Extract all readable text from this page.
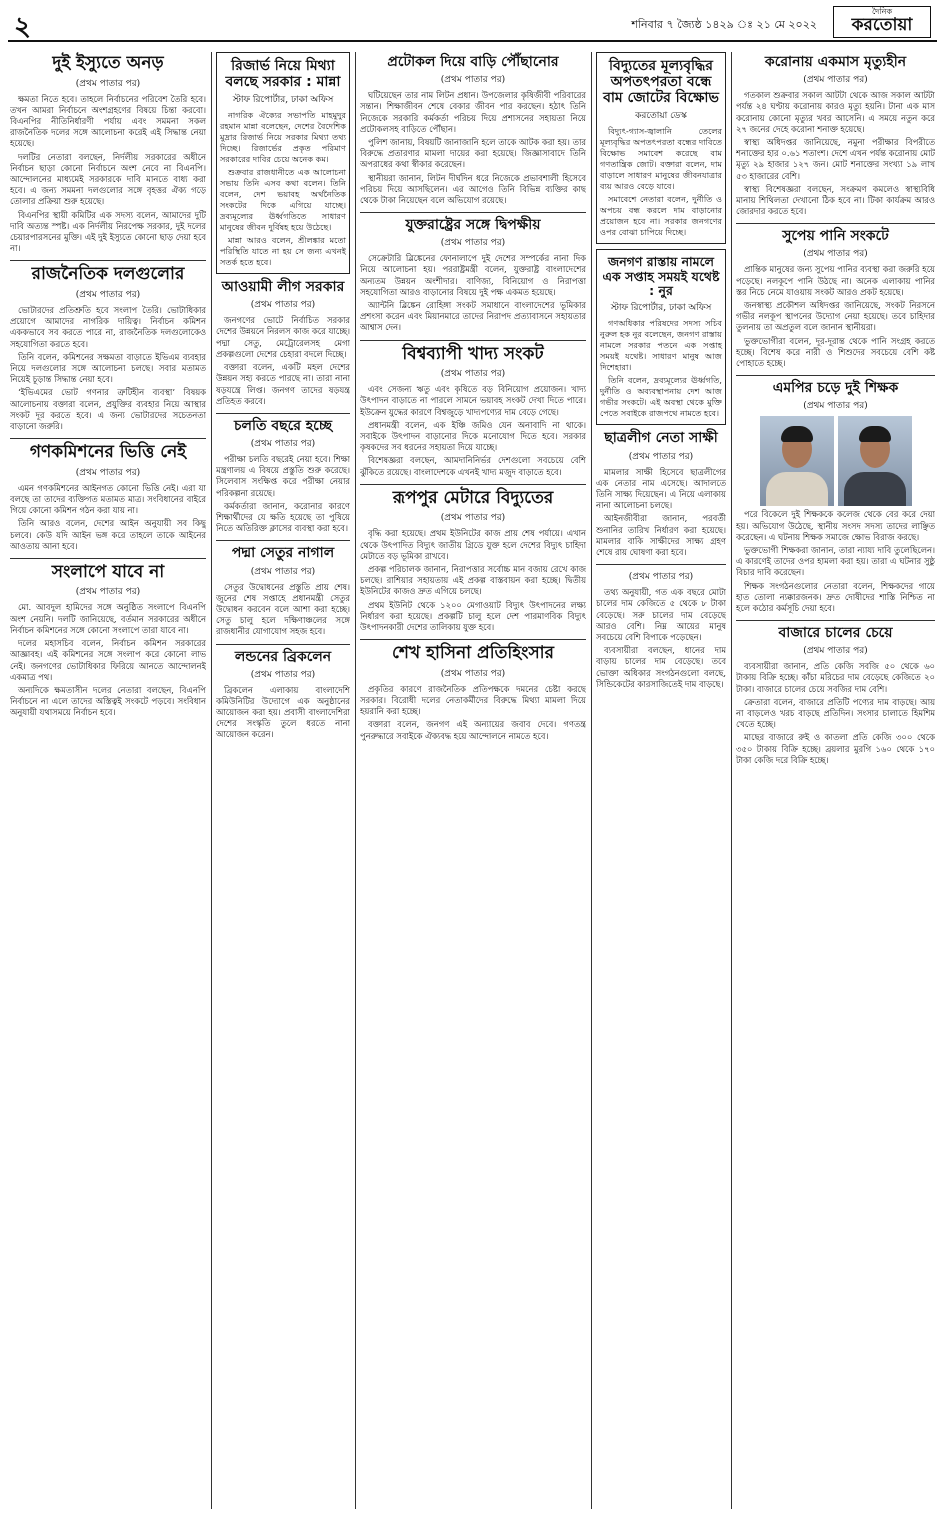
২	শনিবার ৭ জ্যৈষ্ঠ ১৪২৯ ঃ ২১ মে ২০২২
দৈনিক
করতোয়া
দুই ইস্যুতে অনড়
(প্রথম পাতার পর)

ক্ষমতা নিতে হবে। তাহলে নির্বাচনের পরিবেশ তৈরি হবে। তখন আমরা নির্বাচনে অংশগ্রহণের বিষয়ে চিন্তা করবো। বিএনপির নীতিনির্ধারণী পর্যায় এবং সমমনা সকল রাজনৈতিক দলের সঙ্গে আলোচনা করেই এই সিদ্ধান্ত নেয়া হয়েছে।

দলটির নেতারা বলছেন, নির্দলীয় সরকারের অধীনে নির্বাচন ছাড়া কোনো নির্বাচনে অংশ নেবে না বিএনপি। আন্দোলনের মাধ্যমেই সরকারকে দাবি মানতে বাধ্য করা হবে। এ জন্য সমমনা দলগুলোর সঙ্গে বৃহত্তর ঐক্য গড়ে তোলার প্রক্রিয়া শুরু হয়েছে।

বিএনপির স্থায়ী কমিটির এক সদস্য বলেন, আমাদের দুটি দাবি অত্যন্ত স্পষ্ট। এক নির্দলীয় নিরপেক্ষ সরকার, দুই দলের চেয়ারপারসনের মুক্তি। এই দুই ইস্যুতে কোনো ছাড় দেয়া হবে না।

রাজনৈতিক দলগুলোর
(প্রথম পাতার পর)

ভোটারদের প্রতিশ্রুতি হবে সংলাপ তৈরি। ভোটাধিকার প্রয়োগে আমাদের নাগরিক দায়িত্ব। নির্বাচন কমিশন এককভাবে সব করতে পারে না, রাজনৈতিক দলগুলোকেও সহযোগিতা করতে হবে।

তিনি বলেন, কমিশনের সক্ষমতা বাড়াতে ইভিএম ব্যবহার নিয়ে দলগুলোর সঙ্গে আলোচনা চলছে। সবার মতামত নিয়েই চূড়ান্ত সিদ্ধান্ত নেয়া হবে।

‘ইভিএমের ভোট গণনার ত্রুটিহীন ব্যবস্থা’ বিষয়ক আলোচনায় বক্তারা বলেন, প্রযুক্তির ব্যবহার নিয়ে আস্থার সংকট দূর করতে হবে। এ জন্য ভোটারদের সচেতনতা বাড়ানো জরুরি।

গণকমিশনের ভিত্তি নেই
(প্রথম পাতার পর)

এমন গণকমিশনের আইনগত কোনো ভিত্তি নেই। এরা যা বলছে তা তাদের ব্যক্তিগত মতামত মাত্র। সংবিধানের বাইরে গিয়ে কোনো কমিশন গঠন করা যায় না।

তিনি আরও বলেন, দেশের আইন অনুযায়ী সব কিছু চলবে। কেউ যদি আইন ভঙ্গ করে তাহলে তাকে আইনের আওতায় আনা হবে।

সংলাপে যাবে না
(প্রথম পাতার পর)

মো. আবদুল হামিদের সঙ্গে অনুষ্ঠিত সংলাপে বিএনপি অংশ নেয়নি। দলটি জানিয়েছে, বর্তমান সরকারের অধীনে নির্বাচন কমিশনের সঙ্গে কোনো সংলাপে তারা যাবে না।

দলের মহাসচিব বলেন, নির্বাচন কমিশন সরকারের আজ্ঞাবহ। এই কমিশনের সঙ্গে সংলাপ করে কোনো লাভ নেই। জনগণের ভোটাধিকার ফিরিয়ে আনতে আন্দোলনই একমাত্র পথ।

অন্যদিকে ক্ষমতাসীন দলের নেতারা বলছেন, বিএনপি নির্বাচনে না এলে তাদের অস্তিত্বই সংকটে পড়বে। সংবিধান অনুযায়ী যথাসময়ে নির্বাচন হবে।

রিজার্ভ নিয়ে মিথ্যা বলছে সরকার : মান্না
স্টাফ রিপোর্টার, ঢাকা অফিস

নাগরিক ঐক্যের সভাপতি মাহমুদুর রহমান মান্না বলেছেন, দেশের বৈদেশিক মুদ্রার রিজার্ভ নিয়ে সরকার মিথ্যা তথ্য দিচ্ছে। রিজার্ভের প্রকৃত পরিমাণ সরকারের দাবির চেয়ে অনেক কম।

শুক্রবার রাজধানীতে এক আলোচনা সভায় তিনি এসব কথা বলেন। তিনি বলেন, দেশ ভয়াবহ অর্থনৈতিক সংকটের দিকে এগিয়ে যাচ্ছে। দ্রব্যমূল্যের ঊর্ধ্বগতিতে সাধারণ মানুষের জীবন দুর্বিষহ হয়ে উঠেছে।

মান্না আরও বলেন, শ্রীলঙ্কার মতো পরিস্থিতি যাতে না হয় সে জন্য এখনই সতর্ক হতে হবে।

আওয়ামী লীগ সরকার
(প্রথম পাতার পর)

জনগণের ভোটে নির্বাচিত সরকার দেশের উন্নয়নে নিরলস কাজ করে যাচ্ছে। পদ্মা সেতু, মেট্রোরেলসহ মেগা প্রকল্পগুলো দেশের চেহারা বদলে দিচ্ছে।

বক্তারা বলেন, একটি মহল দেশের উন্নয়ন সহ্য করতে পারছে না। তারা নানা ষড়যন্ত্রে লিপ্ত। জনগণ তাদের ষড়যন্ত্র প্রতিহত করবে।

চলতি বছরে হচ্ছে
(প্রথম পাতার পর)

পরীক্ষা চলতি বছরেই নেয়া হবে। শিক্ষা মন্ত্রণালয় এ বিষয়ে প্রস্তুতি শুরু করেছে। সিলেবাস সংক্ষিপ্ত করে পরীক্ষা নেয়ার পরিকল্পনা রয়েছে।

কর্মকর্তারা জানান, করোনার কারণে শিক্ষার্থীদের যে ক্ষতি হয়েছে তা পুষিয়ে নিতে অতিরিক্ত ক্লাসের ব্যবস্থা করা হবে।

পদ্মা সেতুর নাগাল
(প্রথম পাতার পর)

সেতুর উদ্বোধনের প্রস্তুতি প্রায় শেষ। জুনের শেষ সপ্তাহে প্রধানমন্ত্রী সেতুর উদ্বোধন করবেন বলে আশা করা হচ্ছে। সেতু চালু হলে দক্ষিণাঞ্চলের সঙ্গে রাজধানীর যোগাযোগ সহজ হবে।

লন্ডনের ব্রিকলেন
(প্রথম পাতার পর)

ব্রিকলেন এলাকায় বাংলাদেশি কমিউনিটির উদ্যোগে এক অনুষ্ঠানের আয়োজন করা হয়। প্রবাসী বাংলাদেশিরা দেশের সংস্কৃতি তুলে ধরতে নানা আয়োজন করেন।

প্রটোকল দিয়ে বাড়ি পৌঁছানোর
(প্রথম পাতার পর)

ঘটিয়েছেন তার নাম লিটন প্রধান। উপজেলার কৃষিজীবী পরিবারের সন্তান। শিক্ষাজীবন শেষে বেকার জীবন পার করছেন। হঠাৎ তিনি নিজেকে সরকারি কর্মকর্তা পরিচয় দিয়ে প্রশাসনের সহায়তা নিয়ে প্রটোকলসহ বাড়িতে পৌঁছান।

পুলিশ জানায়, বিষয়টি জানাজানি হলে তাকে আটক করা হয়। তার বিরুদ্ধে প্রতারণার মামলা দায়ের করা হয়েছে। জিজ্ঞাসাবাদে তিনি অপরাধের কথা স্বীকার করেছেন।

স্থানীয়রা জানান, লিটন দীর্ঘদিন ধরে নিজেকে প্রভাবশালী হিসেবে পরিচয় দিয়ে আসছিলেন। এর আগেও তিনি বিভিন্ন ব্যক্তির কাছ থেকে টাকা নিয়েছেন বলে অভিযোগ রয়েছে।

যুক্তরাষ্ট্রের সঙ্গে দ্বিপক্ষীয়
(প্রথম পাতার পর)

সেক্রেটারি ব্লিঙ্কেনের ফোনালাপে দুই দেশের সম্পর্কের নানা দিক নিয়ে আলোচনা হয়। পররাষ্ট্রমন্ত্রী বলেন, যুক্তরাষ্ট্র বাংলাদেশের অন্যতম উন্নয়ন অংশীদার। বাণিজ্য, বিনিয়োগ ও নিরাপত্তা সহযোগিতা আরও বাড়ানোর বিষয়ে দুই পক্ষ একমত হয়েছে।

অ্যান্টনি ব্লিঙ্কেন রোহিঙ্গা সংকট সমাধানে বাংলাদেশের ভূমিকার প্রশংসা করেন এবং মিয়ানমারে তাদের নিরাপদ প্রত্যাবাসনে সহায়তার আশ্বাস দেন।

বিশ্বব্যাপী খাদ্য সংকট
(প্রথম পাতার পর)

এবং সেজন্য ঋতু এবং কৃষিতে বড় বিনিয়োগ প্রয়োজন। খাদ্য উৎপাদন বাড়াতে না পারলে সামনে ভয়াবহ সংকট দেখা দিতে পারে। ইউক্রেন যুদ্ধের কারণে বিশ্বজুড়ে খাদ্যপণ্যের দাম বেড়ে গেছে।

প্রধানমন্ত্রী বলেন, এক ইঞ্চি জমিও যেন অনাবাদি না থাকে। সবাইকে উৎপাদন বাড়ানোর দিকে মনোযোগ দিতে হবে। সরকার কৃষকদের সব ধরনের সহায়তা দিয়ে যাচ্ছে।

বিশেষজ্ঞরা বলছেন, আমদানিনির্ভর দেশগুলো সবচেয়ে বেশি ঝুঁকিতে রয়েছে। বাংলাদেশকে এখনই খাদ্য মজুদ বাড়াতে হবে।

রূপপুর মেটারে বিদ্যুতের
(প্রথম পাতার পর)

বৃদ্ধি করা হয়েছে। প্রথম ইউনিটের কাজ প্রায় শেষ পর্যায়ে। এখান থেকে উৎপাদিত বিদ্যুৎ জাতীয় গ্রিডে যুক্ত হলে দেশের বিদ্যুৎ চাহিদা মেটাতে বড় ভূমিকা রাখবে।

প্রকল্প পরিচালক জানান, নিরাপত্তার সর্বোচ্চ মান বজায় রেখে কাজ চলছে। রাশিয়ার সহায়তায় এই প্রকল্প বাস্তবায়ন করা হচ্ছে। দ্বিতীয় ইউনিটের কাজও দ্রুত এগিয়ে চলছে।

প্রথম ইউনিট থেকে ১২০০ মেগাওয়াট বিদ্যুৎ উৎপাদনের লক্ষ্য নির্ধারণ করা হয়েছে। প্রকল্পটি চালু হলে দেশ পারমাণবিক বিদ্যুৎ উৎপাদনকারী দেশের তালিকায় যুক্ত হবে।

শেখ হাসিনা প্রতিহিংসার
(প্রথম পাতার পর)

প্রকৃতির কারণে রাজনৈতিক প্রতিপক্ষকে দমনের চেষ্টা করছে সরকার। বিরোধী দলের নেতাকর্মীদের বিরুদ্ধে মিথ্যা মামলা দিয়ে হয়রানি করা হচ্ছে।

বক্তারা বলেন, জনগণ এই অন্যায়ের জবাব দেবে। গণতন্ত্র পুনরুদ্ধারে সবাইকে ঐক্যবদ্ধ হয়ে আন্দোলনে নামতে হবে।

বিদ্যুতের মূল্যবৃদ্ধির অপতৎপরতা বন্ধে বাম জোটের বিক্ষোভ
করতোয়া ডেস্ক

বিদ্যুৎ-গ্যাস-জ্বালানি তেলের মূল্যবৃদ্ধির অপতৎপরতা বন্ধের দাবিতে বিক্ষোভ সমাবেশ করেছে বাম গণতান্ত্রিক জোট। বক্তারা বলেন, দাম বাড়ালে সাধারণ মানুষের জীবনযাত্রার ব্যয় আরও বেড়ে যাবে।

সমাবেশে নেতারা বলেন, দুর্নীতি ও অপচয় বন্ধ করলে দাম বাড়ানোর প্রয়োজন হবে না। সরকার জনগণের ওপর বোঝা চাপিয়ে দিচ্ছে।

জনগণ রাস্তায় নামলে এক সপ্তাহ সময়ই যথেষ্ট : নুর
স্টাফ রিপোর্টার, ঢাকা অফিস

গণঅধিকার পরিষদের সদস্য সচিব নুরুল হক নুর বলেছেন, জনগণ রাস্তায় নামলে সরকার পতনে এক সপ্তাহ সময়ই যথেষ্ট। সাধারণ মানুষ আজ দিশেহারা।

তিনি বলেন, দ্রব্যমূল্যের ঊর্ধ্বগতি, দুর্নীতি ও অব্যবস্থাপনায় দেশ আজ গভীর সংকটে। এই অবস্থা থেকে মুক্তি পেতে সবাইকে রাজপথে নামতে হবে।

ছাত্রলীগ নেতা সাক্ষী
(প্রথম পাতার পর)

মামলার সাক্ষী হিসেবে ছাত্রলীগের এক নেতার নাম এসেছে। আদালতে তিনি সাক্ষ্য দিয়েছেন। এ নিয়ে এলাকায় নানা আলোচনা চলছে।

আইনজীবীরা জানান, পরবর্তী শুনানির তারিখ নির্ধারণ করা হয়েছে। মামলার বাকি সাক্ষীদের সাক্ষ্য গ্রহণ শেষে রায় ঘোষণা করা হবে।

(প্রথম পাতার পর)

তথ্য অনুযায়ী, গত এক বছরে মোটা চালের দাম কেজিতে ৫ থেকে ৮ টাকা বেড়েছে। সরু চালের দাম বেড়েছে আরও বেশি। নিম্ন আয়ের মানুষ সবচেয়ে বেশি বিপাকে পড়েছেন।

ব্যবসায়ীরা বলছেন, ধানের দাম বাড়ায় চালের দাম বেড়েছে। তবে ভোক্তা অধিকার সংগঠনগুলো বলছে, সিন্ডিকেটের কারসাজিতেই দাম বাড়ছে।

করোনায় একমাস মৃত্যুহীন
(প্রথম পাতার পর)

গতকাল শুক্রবার সকাল আটটা থেকে আজ সকাল আটটা পর্যন্ত ২৪ ঘণ্টায় করোনায় কারও মৃত্যু হয়নি। টানা এক মাস করোনায় কোনো মৃত্যুর খবর আসেনি। এ সময়ে নতুন করে ২৭ জনের দেহে করোনা শনাক্ত হয়েছে।

স্বাস্থ্য অধিদপ্তর জানিয়েছে, নমুনা পরীক্ষার বিপরীতে শনাক্তের হার ০.৬১ শতাংশ। দেশে এখন পর্যন্ত করোনায় মোট মৃত্যু ২৯ হাজার ১২৭ জন। মোট শনাক্তের সংখ্যা ১৯ লাখ ৫৩ হাজারের বেশি।

স্বাস্থ্য বিশেষজ্ঞরা বলছেন, সংক্রমণ কমলেও স্বাস্থ্যবিধি মানায় শিথিলতা দেখানো ঠিক হবে না। টিকা কার্যক্রম আরও জোরদার করতে হবে।

সুপেয় পানি সংকটে
(প্রথম পাতার পর)

প্রান্তিক মানুষের জন্য সুপেয় পানির ব্যবস্থা করা জরুরি হয়ে পড়েছে। নলকূপে পানি উঠছে না। অনেক এলাকায় পানির স্তর নিচে নেমে যাওয়ায় সংকট আরও প্রকট হয়েছে।

জনস্বাস্থ্য প্রকৌশল অধিদপ্তর জানিয়েছে, সংকট নিরসনে গভীর নলকূপ স্থাপনের উদ্যোগ নেয়া হয়েছে। তবে চাহিদার তুলনায় তা অপ্রতুল বলে জানান স্থানীয়রা।

ভুক্তভোগীরা বলেন, দূর-দূরান্ত থেকে পানি সংগ্রহ করতে হচ্ছে। বিশেষ করে নারী ও শিশুদের সবচেয়ে বেশি কষ্ট পোহাতে হচ্ছে।

এমপির চড়ে দুই শিক্ষক
(প্রথম পাতার পর)

পরে বিকেলে দুই শিক্ষককে কলেজ থেকে বের করে দেয়া হয়। অভিযোগ উঠেছে, স্থানীয় সংসদ সদস্য তাদের লাঞ্ছিত করেছেন। এ ঘটনায় শিক্ষক সমাজে ক্ষোভ বিরাজ করছে।

ভুক্তভোগী শিক্ষকরা জানান, তারা ন্যায্য দাবি তুলেছিলেন। এ কারণেই তাদের ওপর হামলা করা হয়। তারা এ ঘটনার সুষ্ঠু বিচার দাবি করেছেন।

শিক্ষক সংগঠনগুলোর নেতারা বলেন, শিক্ষকদের গায়ে হাত তোলা ন্যক্কারজনক। দ্রুত দোষীদের শাস্তি নিশ্চিত না হলে কঠোর কর্মসূচি দেয়া হবে।

বাজারে চালের চেয়ে
(প্রথম পাতার পর)

ব্যবসায়ীরা জানান, প্রতি কেজি সবজি ৫০ থেকে ৬০ টাকায় বিক্রি হচ্ছে। কাঁচা মরিচের দাম বেড়েছে কেজিতে ২০ টাকা। বাজারে চালের চেয়ে সবজির দাম বেশি।

ক্রেতারা বলেন, বাজারে প্রতিটি পণ্যের দাম বাড়ছে। আয় না বাড়লেও খরচ বাড়ছে প্রতিদিন। সংসার চালাতে হিমশিম খেতে হচ্ছে।

মাছের বাজারে রুই ও কাতলা প্রতি কেজি ৩০০ থেকে ৩৫০ টাকায় বিক্রি হচ্ছে। ব্রয়লার মুরগি ১৬০ থেকে ১৭০ টাকা কেজি দরে বিক্রি হচ্ছে।
